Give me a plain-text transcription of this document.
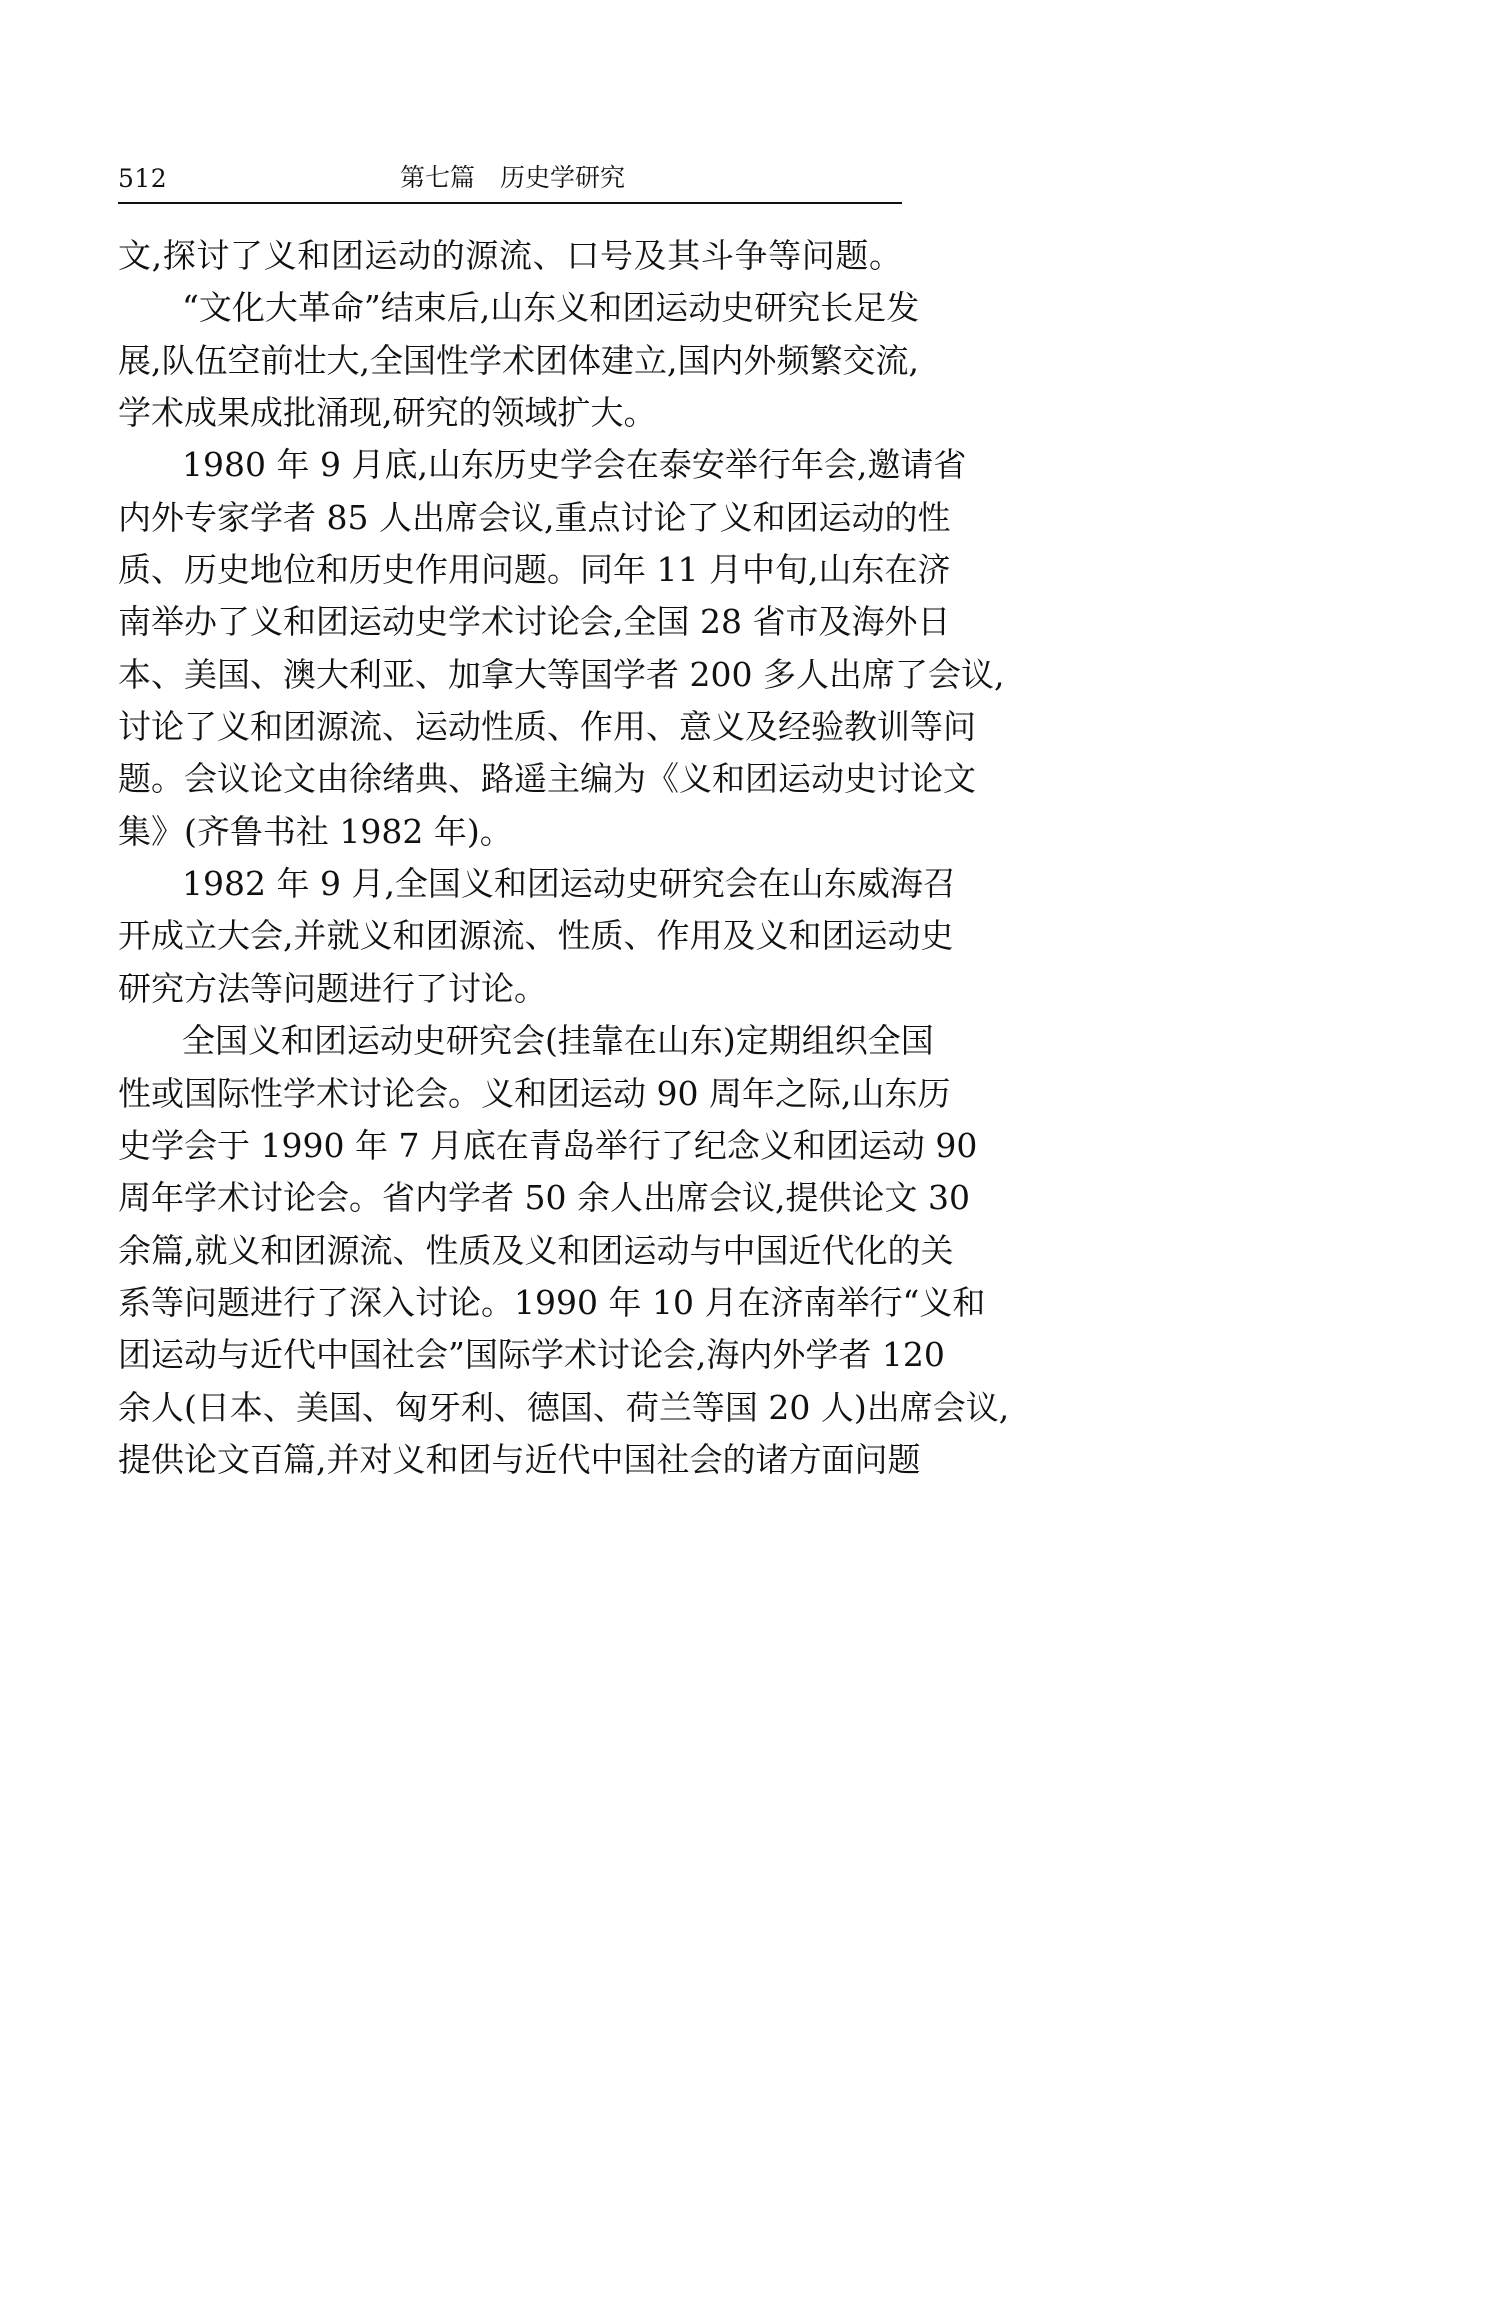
512	第七篇　历史学研究
文,探讨了义和团运动的源流、口号及其斗争等问题。
“文化大革命”结束后,山东义和团运动史研究长足发
展,队伍空前壮大,全国性学术团体建立,国内外频繁交流,
学术成果成批涌现,研究的领域扩大。
1980 年 9 月底,山东历史学会在泰安举行年会,邀请省
内外专家学者 85 人出席会议,重点讨论了义和团运动的性
质、历史地位和历史作用问题。同年 11 月中旬,山东在济
南举办了义和团运动史学术讨论会,全国 28 省市及海外日
本、美国、澳大利亚、加拿大等国学者 200 多人出席了会议,
讨论了义和团源流、运动性质、作用、意义及经验教训等问
题。会议论文由徐绪典、路遥主编为《义和团运动史讨论文
集》(齐鲁书社 1982 年)。
1982 年 9 月,全国义和团运动史研究会在山东威海召
开成立大会,并就义和团源流、性质、作用及义和团运动史
研究方法等问题进行了讨论。
全国义和团运动史研究会(挂靠在山东)定期组织全国
性或国际性学术讨论会。义和团运动 90 周年之际,山东历
史学会于 1990 年 7 月底在青岛举行了纪念义和团运动 90
周年学术讨论会。省内学者 50 余人出席会议,提供论文 30
余篇,就义和团源流、性质及义和团运动与中国近代化的关
系等问题进行了深入讨论。1990 年 10 月在济南举行“义和
团运动与近代中国社会”国际学术讨论会,海内外学者 120
余人(日本、美国、匈牙利、德国、荷兰等国 20 人)出席会议,
提供论文百篇,并对义和团与近代中国社会的诸方面问题
